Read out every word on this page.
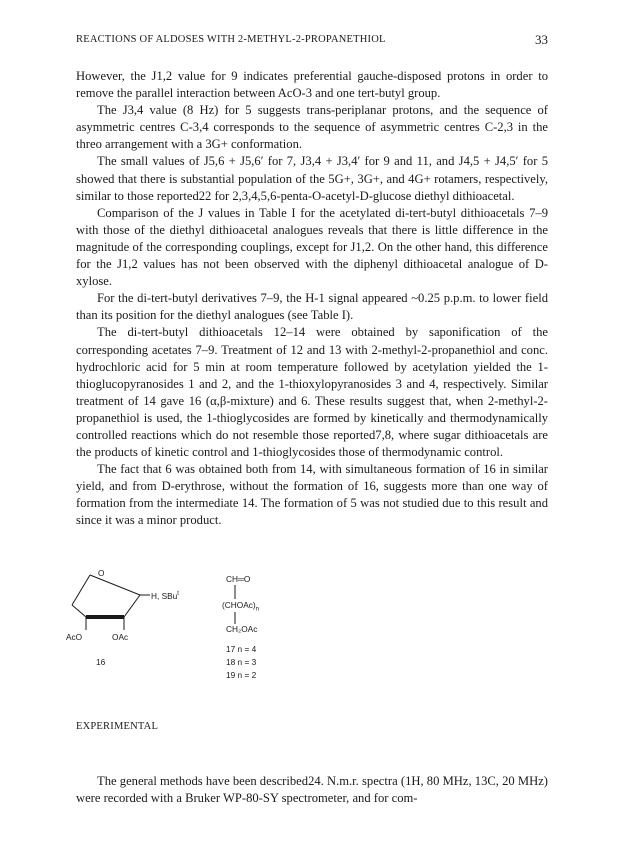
REACTIONS OF ALDOSES WITH 2-METHYL-2-PROPANETHIOL	33

However, the J1,2 value for 9 indicates preferential gauche-disposed protons in order to remove the parallel interaction between AcO-3 and one tert-butyl group.

The J3,4 value (8 Hz) for 5 suggests trans-periplanar protons, and the sequence of asymmetric centres C-3,4 corresponds to the sequence of asymmetric centres C-2,3 in the threo arrangement with a 3G+ conformation.

The small values of J5,6 + J5,6′ for 7, J3,4 + J3,4′ for 9 and 11, and J4,5 + J4,5′ for 5 showed that there is substantial population of the 5G+, 3G+, and 4G+ rotamers, respectively, similar to those reported22 for 2,3,4,5,6-penta-O-acetyl-D-glucose diethyl dithioacetal.

Comparison of the J values in Table I for the acetylated di-tert-butyl dithioacetals 7–9 with those of the diethyl dithioacetal analogues reveals that there is little difference in the magnitude of the corresponding couplings, except for J1,2. On the other hand, this difference for the J1,2 values has not been observed with the diphenyl dithioacetal analogue of D-xylose.

For the di-tert-butyl derivatives 7–9, the H-1 signal appeared ~0.25 p.p.m. to lower field than its position for the diethyl analogues (see Table I).

The di-tert-butyl dithioacetals 12–14 were obtained by saponification of the corresponding acetates 7–9. Treatment of 12 and 13 with 2-methyl-2-propanethiol and conc. hydrochloric acid for 5 min at room temperature followed by acetylation yielded the 1-thioglucopyranosides 1 and 2, and the 1-thioxylopyranosides 3 and 4, respectively. Similar treatment of 14 gave 16 (α,β-mixture) and 6. These results suggest that, when 2-methyl-2-propanethiol is used, the 1-thioglycosides are formed by kinetically and thermodynamically controlled reactions which do not resemble those reported7,8, where sugar dithioacetals are the products of kinetic control and 1-thioglycosides those of thermodynamic control.

The fact that 6 was obtained both from 14, with simultaneous formation of 16 in similar yield, and from D-erythrose, without the formation of 16, suggests more than one way of formation from the intermediate 14. The formation of 5 was not studied due to this result and since it was a minor product.

O
H, SBu$^t$
AcO	OAc
16
CH═O
$(CHOAc)_n$
CH₂OAc
17 n = 4
18 n = 3
19 n = 2
EXPERIMENTAL

The general methods have been described24. N.m.r. spectra (1H, 80 MHz, 13C, 20 MHz) were recorded with a Bruker WP-80-SY spectrometer, and for com-
